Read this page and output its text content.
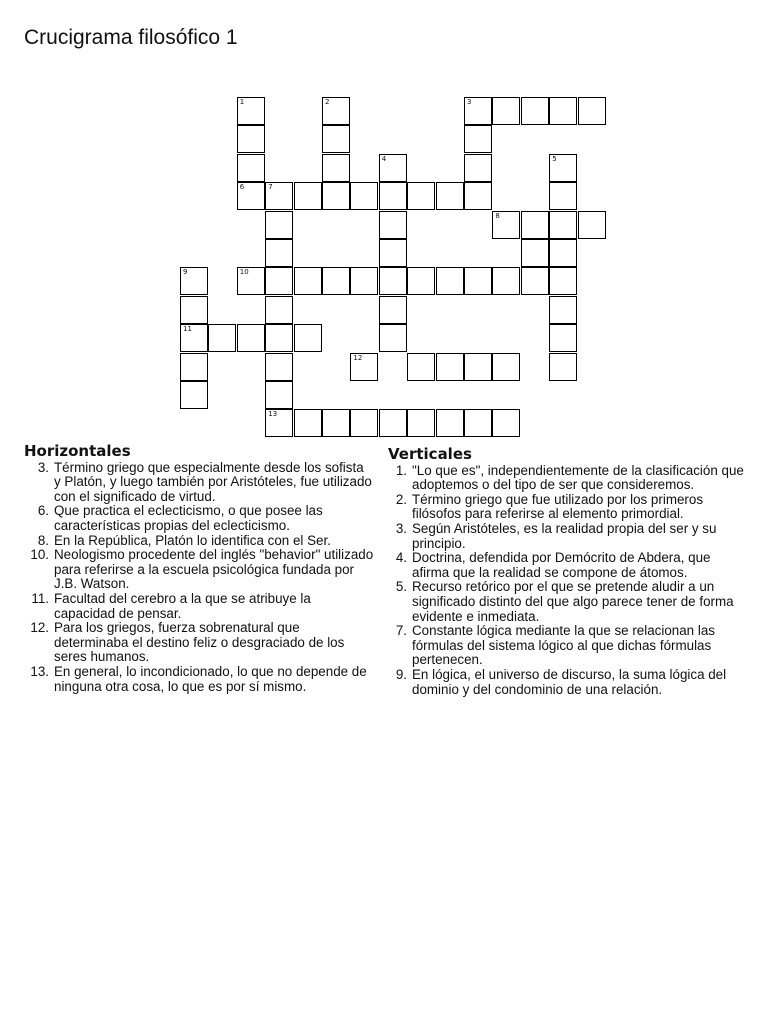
Crucigrama filosófico 1
1
6
2	3
4	5
7
8
9
11
12
10
13
Horizontales
3. Término griego que especialmente desde los sofista y Platón, y luego también por Aristóteles, fue utilizado con el significado de virtud.
6. Que practica el eclecticismo, o que posee las características propias del eclecticismo.
8. En la República, Platón lo identifica con el Ser.
10. Neologismo procedente del inglés "behavior" utilizado para referirse a la escuela psicológica fundada por J.B. Watson.
11. Facultad del cerebro a la que se atribuye la capacidad de pensar.
12. Para los griegos, fuerza sobrenatural que determinaba el destino feliz o desgraciado de los seres humanos.
13. En general, lo incondicionado, lo que no depende de ninguna otra cosa, lo que es por sí mismo.
Verticales
1. "Lo que es", independientemente de la clasificación que adoptemos o del tipo de ser que consideremos.
2. Término griego que fue utilizado por los primeros filósofos para referirse al elemento primordial.
3. Según Aristóteles, es la realidad propia del ser y su principio.
4. Doctrina, defendida por Demócrito de Abdera, que afirma que la realidad se compone de átomos.
5. Recurso retórico por el que se pretende aludir a un significado distinto del que algo parece tener de forma evidente e inmediata.
7. Constante lógica mediante la que se relacionan las fórmulas del sistema lógico al que dichas fórmulas pertenecen.
9. En lógica, el universo de discurso, la suma lógica del dominio y del condominio de una relación.
